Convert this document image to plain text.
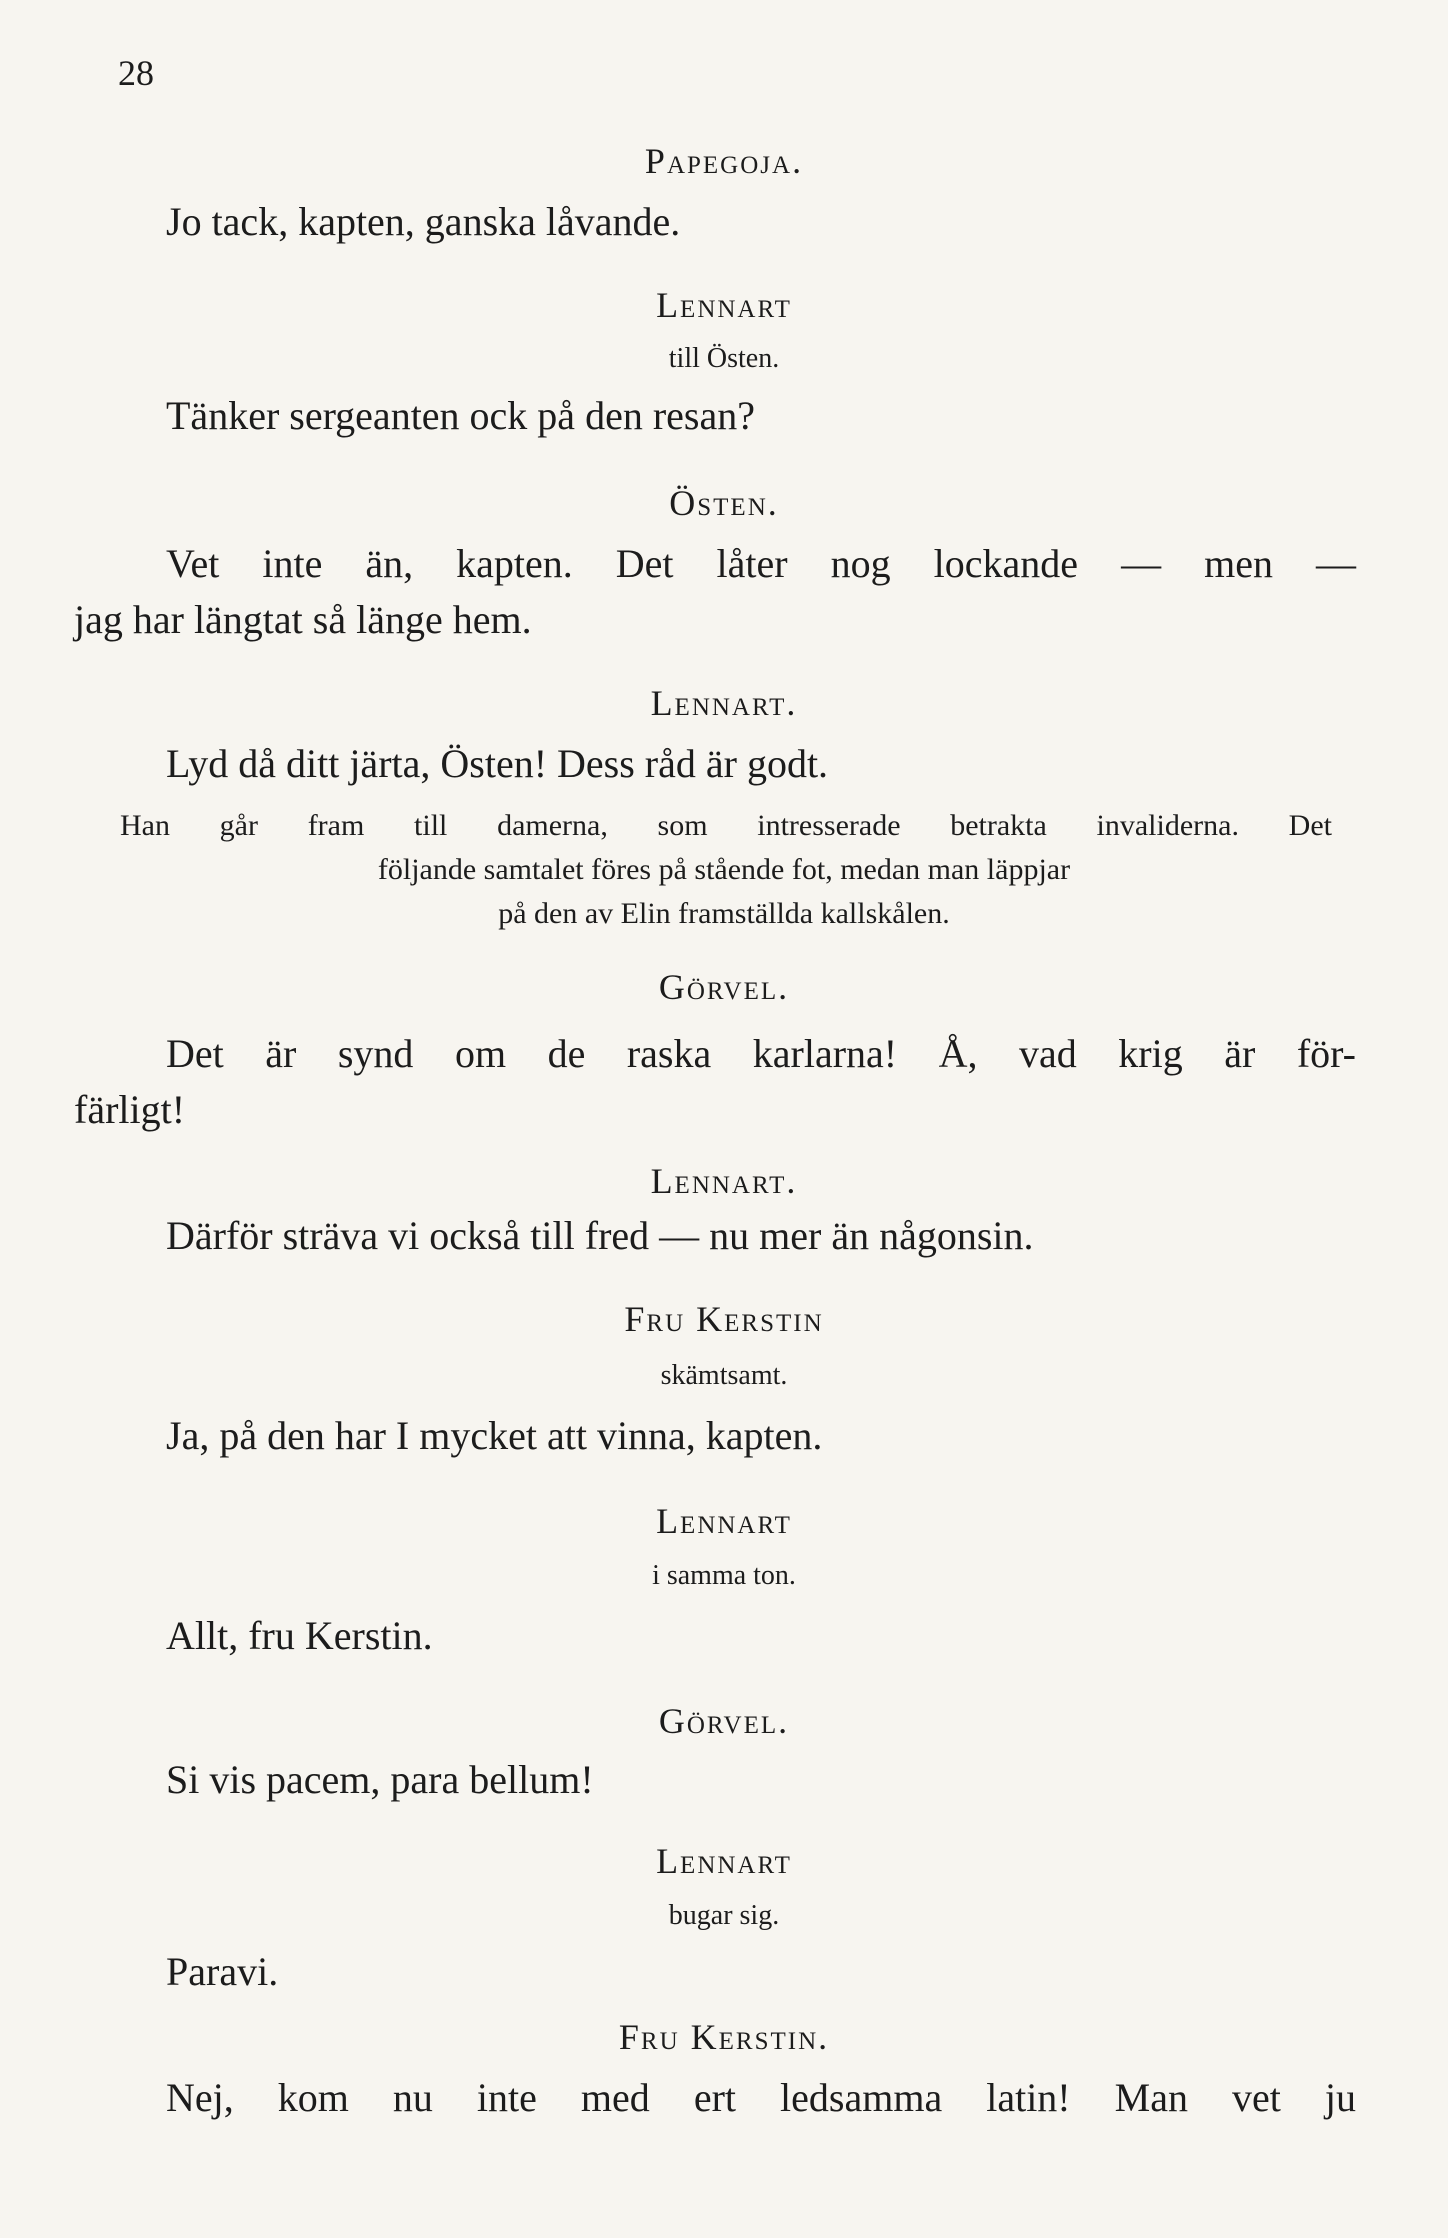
28
Papegoja.
Jo tack, kapten, ganska låvande.
Lennart
till Östen.
Tänker sergeanten ock på den resan?
Östen.
Vet inte än, kapten. Det låter nog lockande — men —
jag har längtat så länge hem.
Lennart.
Lyd då ditt järta, Östen! Dess råd är godt.
Han går fram till damerna, som intresserade betrakta invaliderna. Det
följande samtalet föres på stående fot, medan man läppjar
på den av Elin framställda kallskålen.
Görvel.
Det är synd om de raska karlarna! Å, vad krig är för-
färligt!
Lennart.
Därför sträva vi också till fred — nu mer än någonsin.
Fru Kerstin
skämtsamt.
Ja, på den har I mycket att vinna, kapten.
Lennart
i samma ton.
Allt, fru Kerstin.
Görvel.
Si vis pacem, para bellum!
Lennart
bugar sig.
Paravi.
Fru Kerstin.
Nej, kom nu inte med ert ledsamma latin! Man vet ju
